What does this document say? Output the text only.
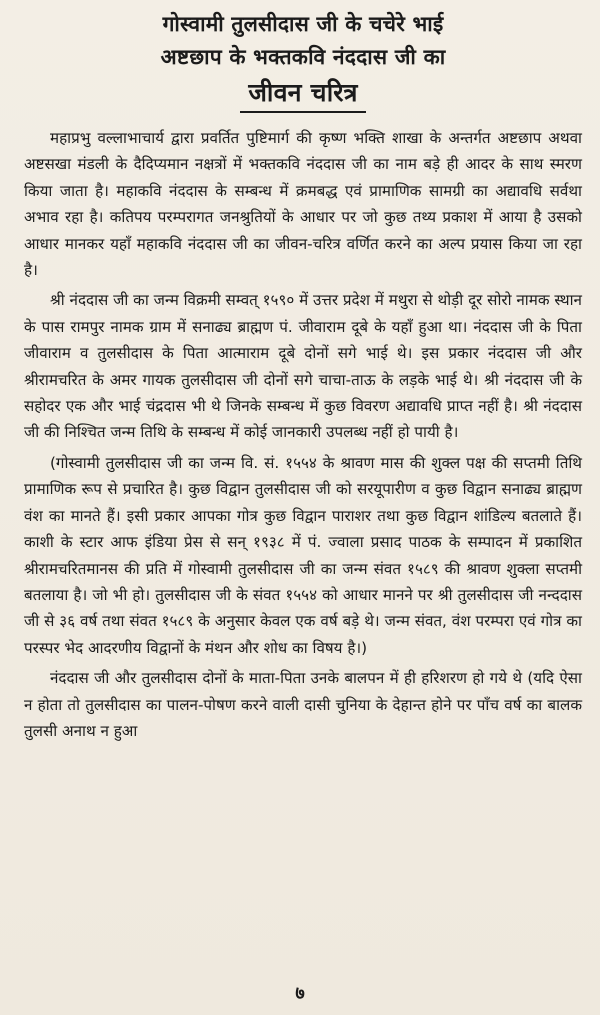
गोस्वामी तुलसीदास जी के चचेरे भाई
अष्टछाप के भक्तकवि नंददास जी का
जीवन चरित्र

महाप्रभु वल्लाभाचार्य द्वारा प्रवर्तित पुष्टिमार्ग की कृष्ण भक्ति शाखा के अन्तर्गत अष्टछाप अथवा अष्टसखा मंडली के दैदिप्यमान नक्षत्रों में भक्तकवि नंददास जी का नाम बड़े ही आदर के साथ स्मरण किया जाता है। महाकवि नंददास के सम्बन्ध में क्रमबद्ध एवं प्रामाणिक सामग्री का अद्यावधि सर्वथा अभाव रहा है। कतिपय परम्परागत जनश्रुतियों के आधार पर जो कुछ तथ्य प्रकाश में आया है उसको आधार मानकर यहाँ महाकवि नंददास जी का जीवन-चरित्र वर्णित करने का अल्प प्रयास किया जा रहा है।

श्री नंददास जी का जन्म विक्रमी सम्वत् १५९० में उत्तर प्रदेश में मथुरा से थोड़ी दूर सोरो नामक स्थान के पास रामपुर नामक ग्राम में सनाढ्य ब्राह्मण पं. जीवाराम दूबे के यहाँ हुआ था। नंददास जी के पिता जीवाराम व तुलसीदास के पिता आत्माराम दूबे दोनों सगे भाई थे। इस प्रकार नंददास जी और श्रीरामचरित के अमर गायक तुलसीदास जी दोनों सगे चाचा-ताऊ के लड़के भाई थे। श्री नंददास जी के सहोदर एक और भाई चंद्रदास भी थे जिनके सम्बन्ध में कुछ विवरण अद्यावधि प्राप्त नहीं है। श्री नंददास जी की निश्चित जन्म तिथि के सम्बन्ध में कोई जानकारी उपलब्ध नहीं हो पायी है।

(गोस्वामी तुलसीदास जी का जन्म वि. सं. १५५४ के श्रावण मास की शुक्ल पक्ष की सप्तमी तिथि प्रामाणिक रूप से प्रचारित है। कुछ विद्वान तुलसीदास जी को सरयूपारीण व कुछ विद्वान सनाढ्य ब्राह्मण वंश का मानते हैं। इसी प्रकार आपका गोत्र कुछ विद्वान पाराशर तथा कुछ विद्वान शांडिल्य बतलाते हैं। काशी के स्टार आफ इंडिया प्रेस से सन् १९३८ में पं. ज्वाला प्रसाद पाठक के सम्पादन में प्रकाशित श्रीरामचरितमानस की प्रति में गोस्वामी तुलसीदास जी का जन्म संवत १५८९ की श्रावण शुक्ला सप्तमी बतलाया है। जो भी हो। तुलसीदास जी के संवत १५५४ को आधार मानने पर श्री तुलसीदास जी नन्ददास जी से ३६ वर्ष तथा संवत १५८९ के अनुसार केवल एक वर्ष बड़े थे। जन्म संवत, वंश परम्परा एवं गोत्र का परस्पर भेद आदरणीय विद्वानों के मंथन और शोध का विषय है।)

नंददास जी और तुलसीदास दोनों के माता-पिता उनके बालपन में ही हरिशरण हो गये थे (यदि ऐसा न होता तो तुलसीदास का पालन-पोषण करने वाली दासी चुनिया के देहान्त होने पर पाँच वर्ष का बालक तुलसी अनाथ न हुआ

७
